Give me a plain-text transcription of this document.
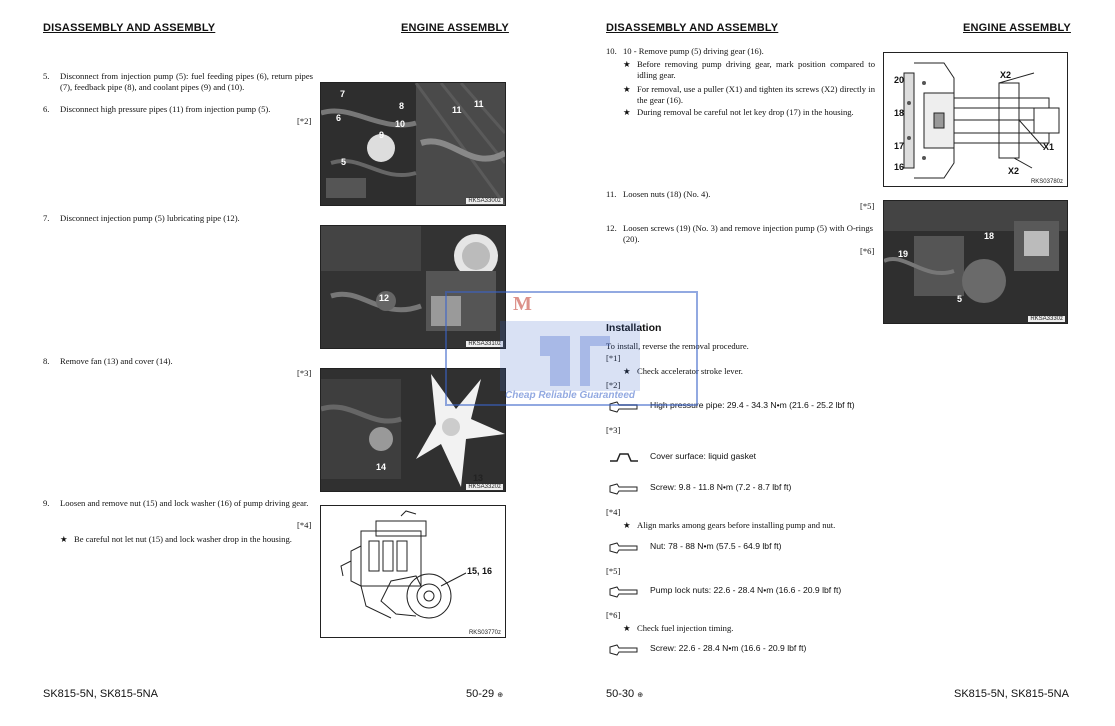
DISASSEMBLY AND ASSEMBLY	ENGINE ASSEMBLY
5. Disconnect from injection pump (5): fuel feeding pipes (6), return pipes (7), feedback pipe (8), and coolant pipes (9) and (10).
6. Disconnect high pressure pipes (11) from injection pump (5).
[*2]
7
8
6
9
10
5
11
11
RKSA3300z
7. Disconnect injection pump (5) lubricating pipe (12).
12
RKSA3310z
8. Remove fan (13) and cover (14).
[*3]
14
13
RKSA3320z
9. Loosen and remove nut (15) and lock washer (16) of pump driving gear.
[*4]
★ Be careful not let nut (15) and lock washer drop in the housing.
15, 16
RKS03770z
SK815-5N, SK815-5NA	50-29 ⊕
DISASSEMBLY AND ASSEMBLY	ENGINE ASSEMBLY
10. 10 - Remove pump (5) driving gear (16).
★ Before removing pump driving gear, mark position compared to idling gear.
★ For removal, use a puller (X1) and tighten its screws (X2) directly in the gear (16).
★ During removal be careful not let key drop (17) in the housing.
20	X2
18
X1
17
16	X2
RKS03780z
11. Loosen nuts (18) (No. 4).
[*5]
12. Loosen screws (19) (No. 3) and remove injection pump (5) with O-rings (20).
[*6]
18
19
5
RKSA3330z
Installation
To install, reverse the removal procedure.
[*1]
★ Check accelerator stroke lever.
[*2]
High pressure pipe: 29.4 - 34.3 N•m (21.6 - 25.2 lbf ft)
[*3]
Cover surface: liquid gasket
Screw: 9.8 - 11.8 N•m (7.2 - 8.7 lbf ft)
[*4]
★ Align marks among gears before installing pump and nut.
Nut: 78 - 88 N•m (57.5 - 64.9 lbf ft)
[*5]
Pump lock nuts: 22.6 - 28.4 N•m (16.6 - 20.9 lbf ft)
[*6]
★ Check fuel injection timing.
Screw: 22.6 - 28.4 N•m (16.6 - 20.9 lbf ft)
50-30 ⊕	SK815-5N, SK815-5NA
M
Cheap Reliable Guaranteed
